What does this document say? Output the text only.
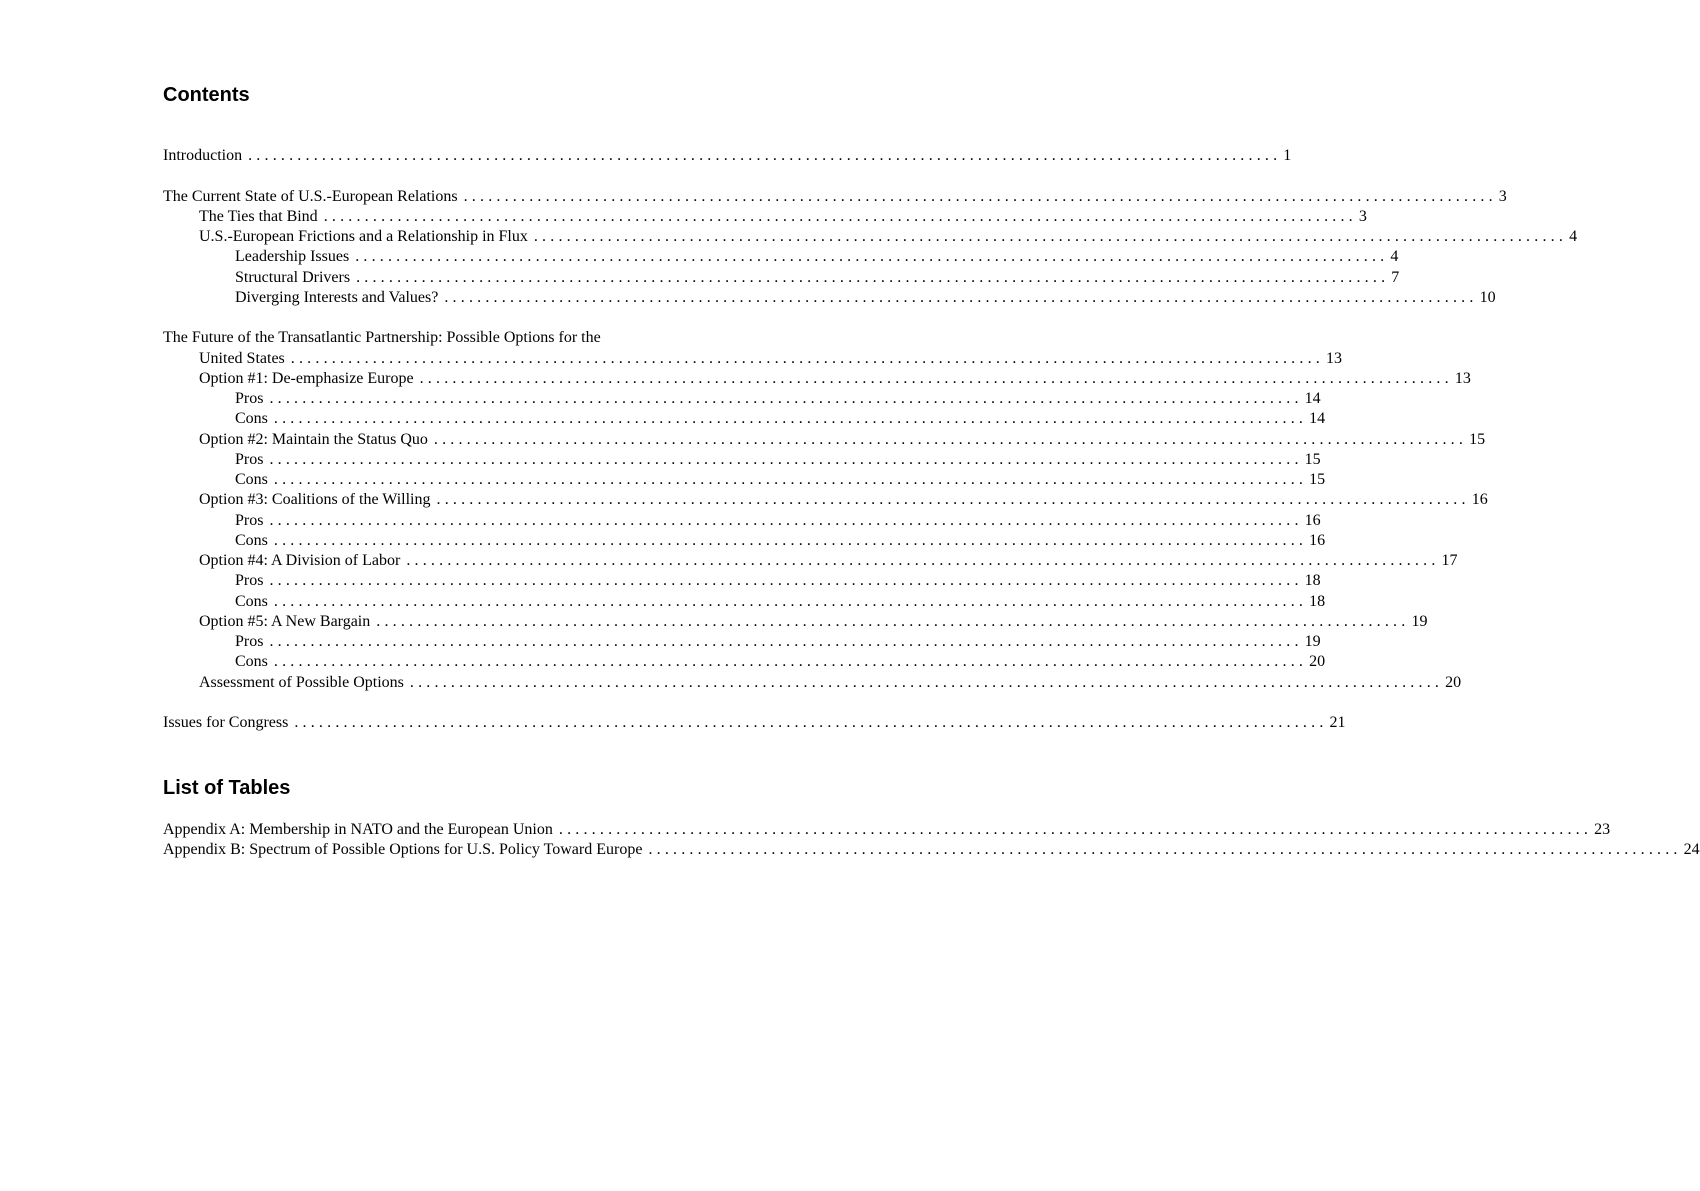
Contents
Introduction .............................................................................................................................. 1
The Current State of U.S.-European Relations .............................................................................................................................. 3
The Ties that Bind .............................................................................................................................. 3
U.S.-European Frictions and a Relationship in Flux .............................................................................................................................. 4
Leadership Issues .............................................................................................................................. 4
Structural Drivers .............................................................................................................................. 7
Diverging Interests and Values? .............................................................................................................................. 10
The Future of the Transatlantic Partnership: Possible Options for the
United States .............................................................................................................................. 13
Option #1: De-emphasize Europe .............................................................................................................................. 13
Pros .............................................................................................................................. 14
Cons .............................................................................................................................. 14
Option #2: Maintain the Status Quo .............................................................................................................................. 15
Pros .............................................................................................................................. 15
Cons .............................................................................................................................. 15
Option #3: Coalitions of the Willing .............................................................................................................................. 16
Pros .............................................................................................................................. 16
Cons .............................................................................................................................. 16
Option #4: A Division of Labor .............................................................................................................................. 17
Pros .............................................................................................................................. 18
Cons .............................................................................................................................. 18
Option #5: A New Bargain .............................................................................................................................. 19
Pros .............................................................................................................................. 19
Cons .............................................................................................................................. 20
Assessment of Possible Options .............................................................................................................................. 20
Issues for Congress .............................................................................................................................. 21
List of Tables
Appendix A: Membership in NATO and the European Union .............................................................................................................................. 23
Appendix B: Spectrum of Possible Options for U.S. Policy Toward Europe .............................................................................................................................. 24
